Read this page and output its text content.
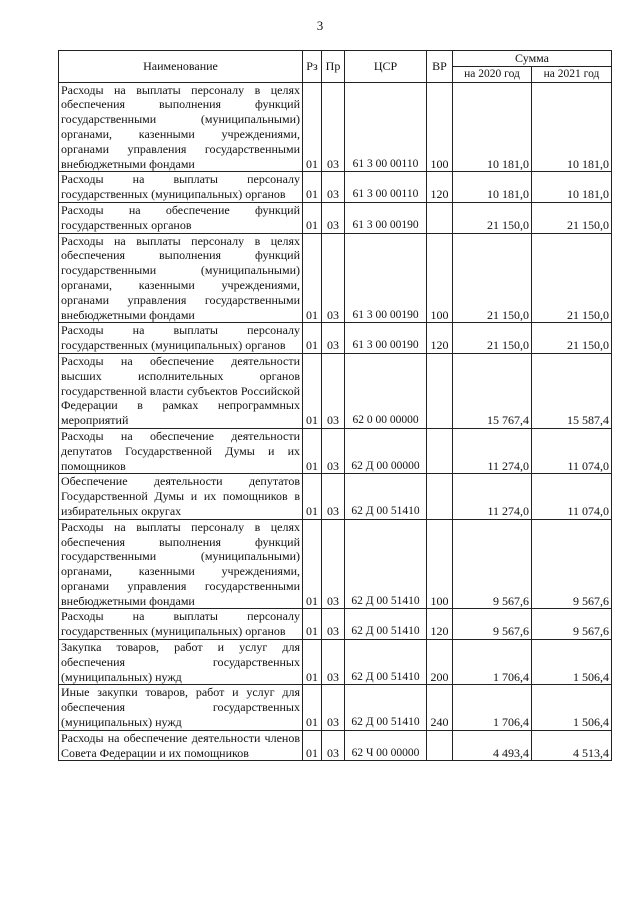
3
Наименование	Рз	Пр	ЦСР	ВР	Сумма	
					на 2020 год	на 2021 год
Расходы на выплаты персоналу в целях обеспечения выполнения функций государственными (муниципальными) органами, казенными учреждениями, органами управления государственными внебюджетными фондами	01	03	61 3 00 00110	100	10 181,0	10 181,0
Расходы на выплаты персоналу государственных (муниципальных) органов	01	03	61 3 00 00110	120	10 181,0	10 181,0
Расходы на обеспечение функций государственных органов	01	03	61 3 00 00190		21 150,0	21 150,0
Расходы на выплаты персоналу в целях обеспечения выполнения функций государственными (муниципальными) органами, казенными учреждениями, органами управления государственными внебюджетными фондами	01	03	61 3 00 00190	100	21 150,0	21 150,0
Расходы на выплаты персоналу государственных (муниципальных) органов	01	03	61 3 00 00190	120	21 150,0	21 150,0
Расходы на обеспечение деятельности высших исполнительных органов государственной власти субъектов Российской Федерации в рамках непрограммных мероприятий	01	03	62 0 00 00000		15 767,4	15 587,4
Расходы на обеспечение деятельности депутатов Государственной Думы и их помощников	01	03	62 Д 00 00000		11 274,0	11 074,0
Обеспечение деятельности депутатов Государственной Думы и их помощников в избирательных округах	01	03	62 Д 00 51410		11 274,0	11 074,0
Расходы на выплаты персоналу в целях обеспечения выполнения функций государственными (муниципальными) органами, казенными учреждениями, органами управления государственными внебюджетными фондами	01	03	62 Д 00 51410	100	9 567,6	9 567,6
Расходы на выплаты персоналу государственных (муниципальных) органов	01	03	62 Д 00 51410	120	9 567,6	9 567,6
Закупка товаров, работ и услуг для обеспечения государственных (муниципальных) нужд	01	03	62 Д 00 51410	200	1 706,4	1 506,4
Иные закупки товаров, работ и услуг для обеспечения государственных (муниципальных) нужд	01	03	62 Д 00 51410	240	1 706,4	1 506,4
Расходы на обеспечение деятельности членов Совета Федерации и их помощников	01	03	62 Ч 00 00000		4 493,4	4 513,4
